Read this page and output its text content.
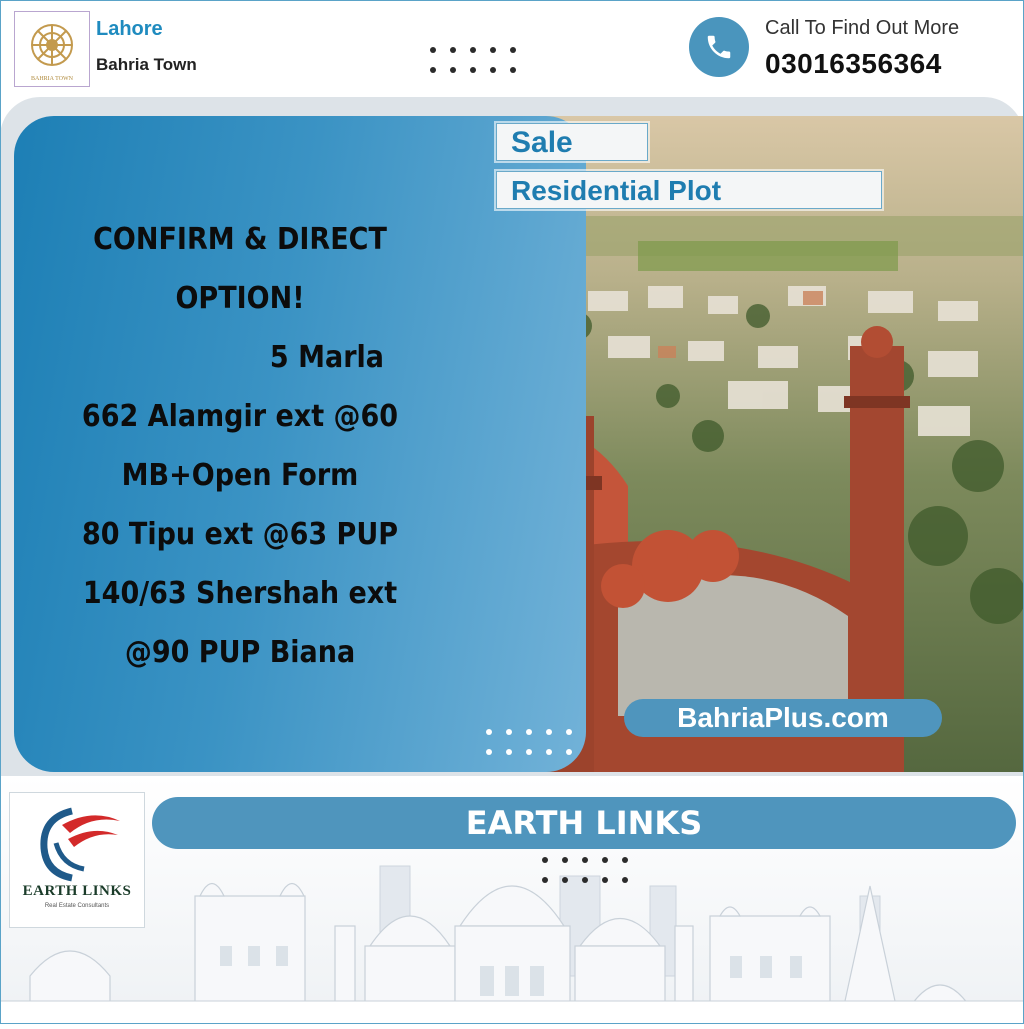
BAHRIA TOWN
Lahore
Bahria Town
Call To Find Out More
03016356364
CONFIRM & DIRECT
OPTION!
5 Marla
662 Alamgir ext @60
MB+Open Form
80 Tipu ext @63 PUP
140/63 Shershah ext
@90 PUP Biana
Sale
Residential Plot
BahriaPlus.com
EARTH LINKS
Real Estate Consultants
EARTH LINKS
